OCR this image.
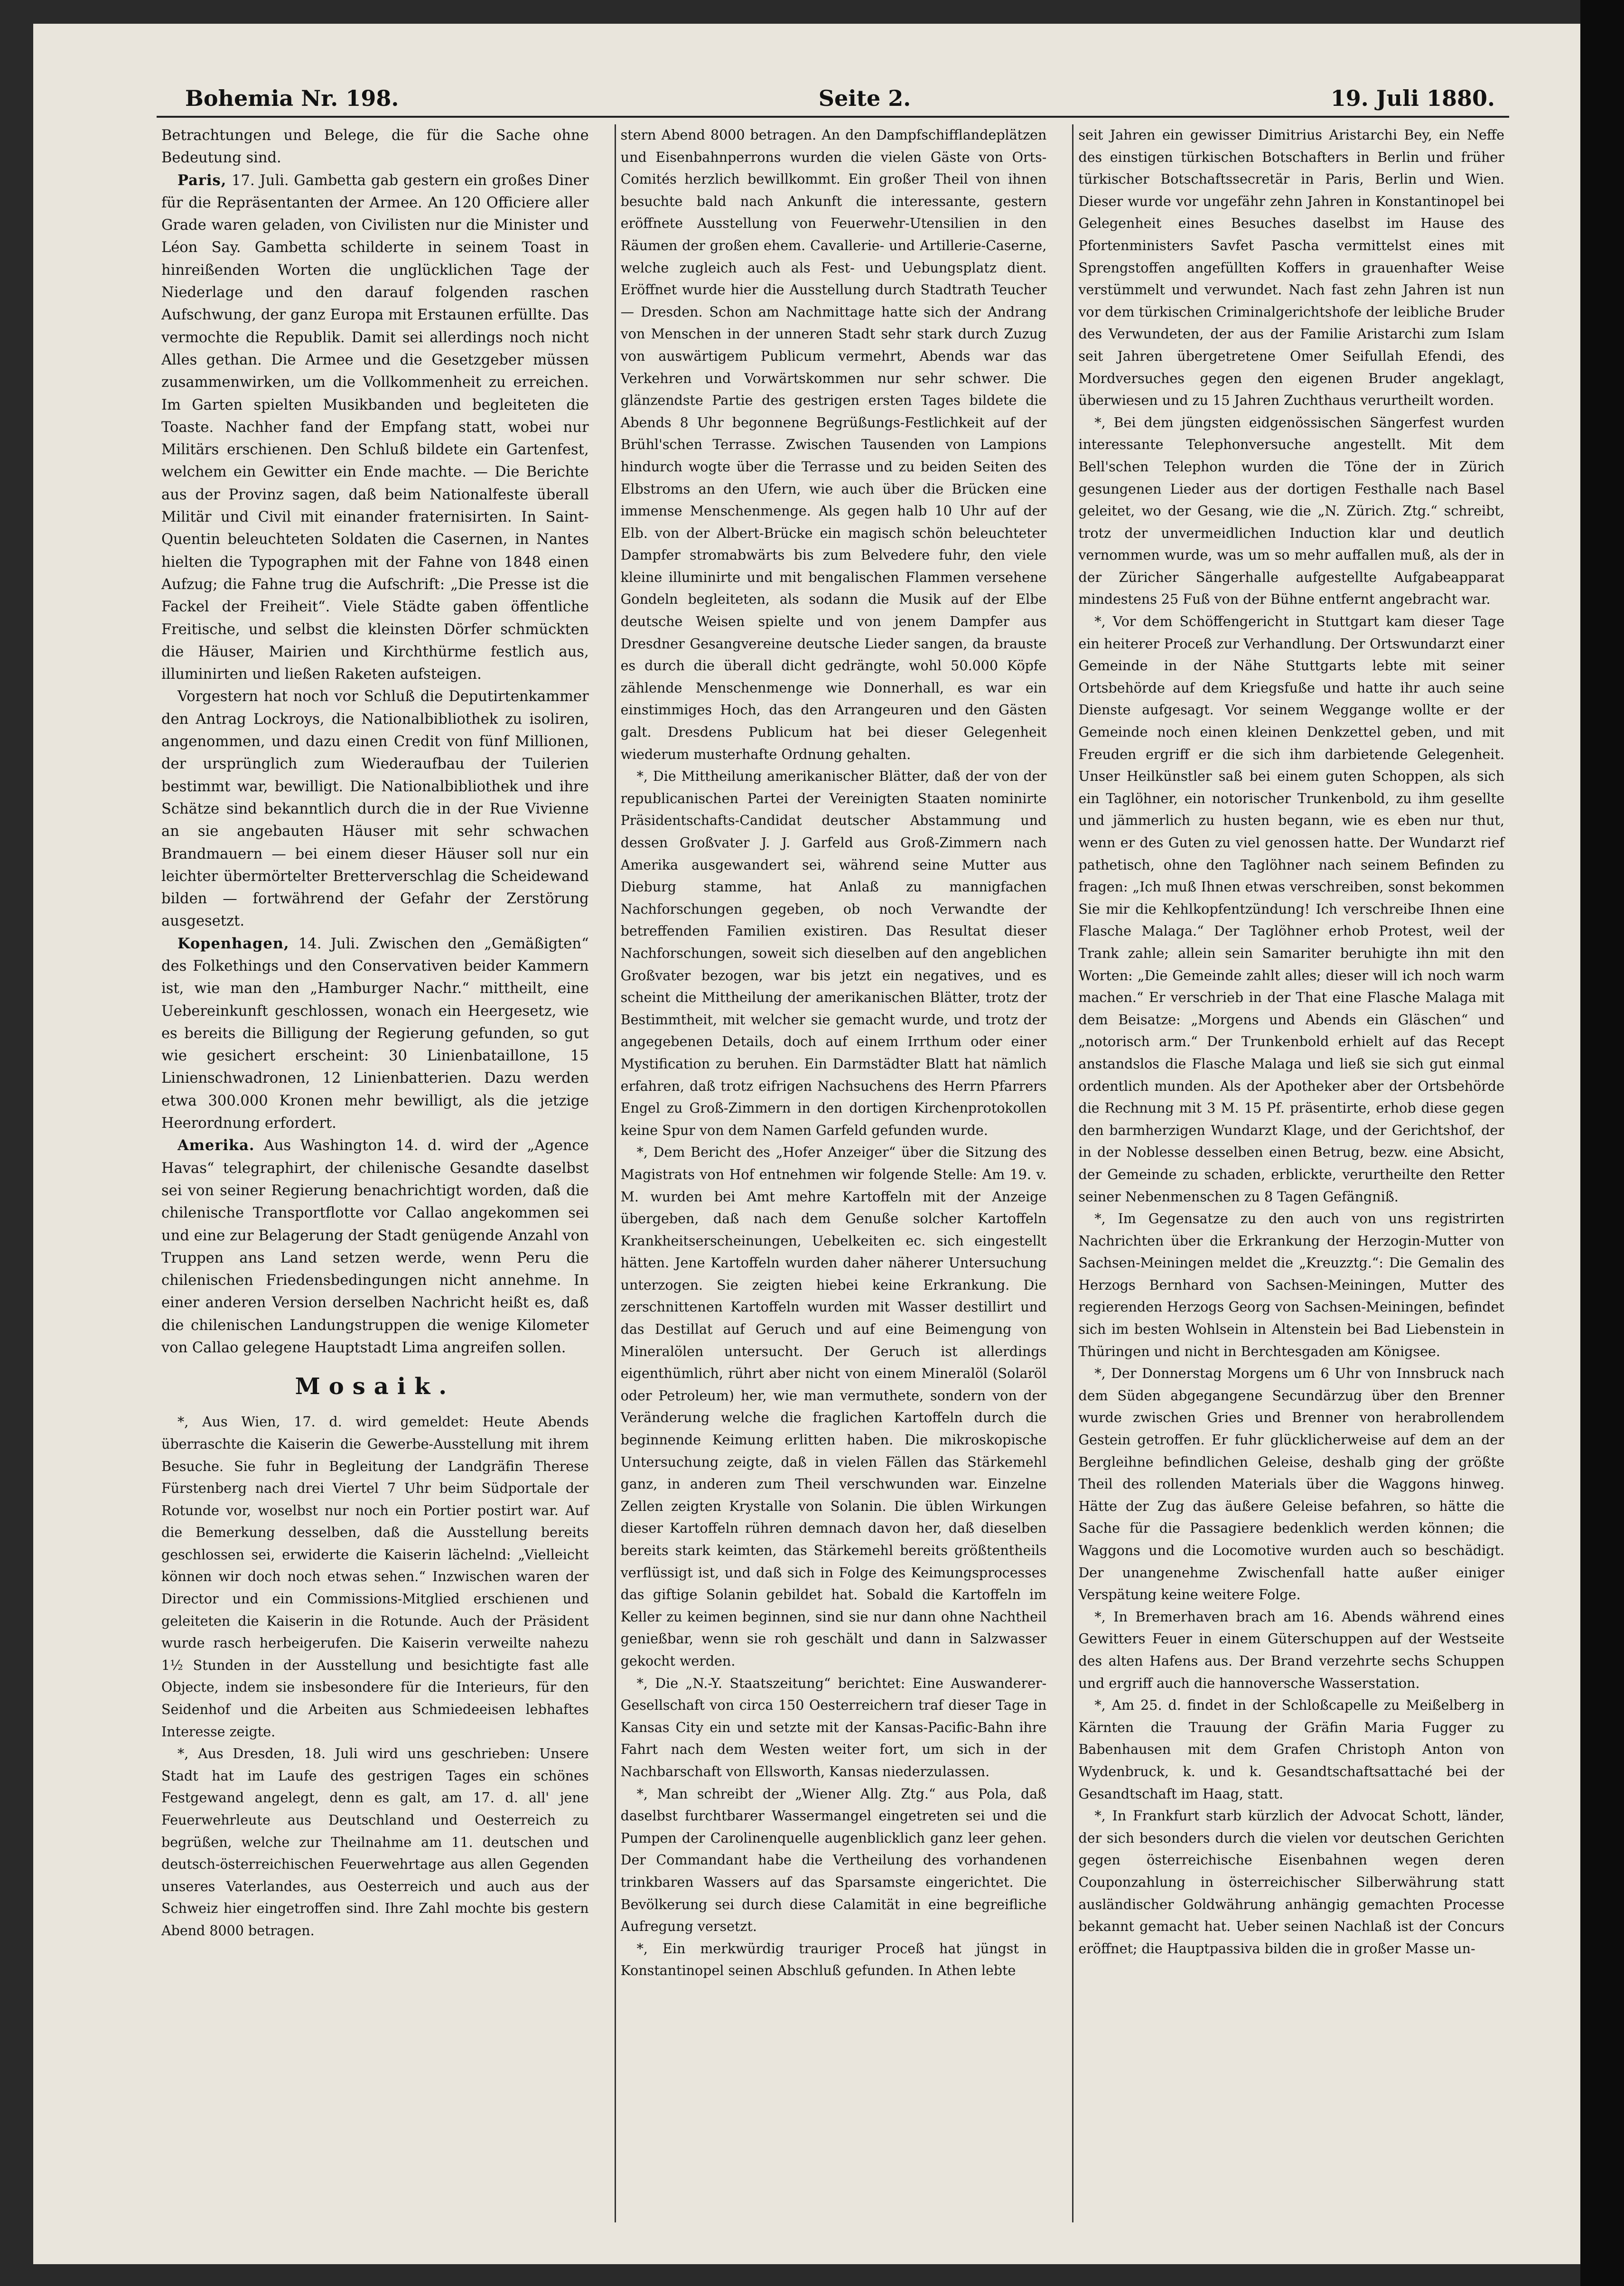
Bohemia Nr. 198.	Seite 2.	19. Juli 1880.

Betrachtungen und Belege, die für die Sache ohne Bedeutung sind.

Paris, 17. Juli. Gambetta gab gestern ein großes Diner für die Repräsentanten der Armee. An 120 Officiere aller Grade waren geladen, von Civilisten nur die Minister und Léon Say. Gambetta schilderte in seinem Toast in hinreißenden Worten die unglücklichen Tage der Niederlage und den darauf folgenden raschen Aufschwung, der ganz Europa mit Erstaunen erfüllte. Das vermochte die Republik. Damit sei allerdings noch nicht Alles gethan. Die Armee und die Gesetzgeber müssen zusammenwirken, um die Vollkommenheit zu erreichen. Im Garten spielten Musikbanden und begleiteten die Toaste. Nachher fand der Empfang statt, wobei nur Militärs erschienen. Den Schluß bildete ein Gartenfest, welchem ein Gewitter ein Ende machte. — Die Berichte aus der Provinz sagen, daß beim Nationalfeste überall Militär und Civil mit einander fraternisirten. In Saint-Quentin beleuchteten Soldaten die Casernen, in Nantes hielten die Typographen mit der Fahne von 1848 einen Aufzug; die Fahne trug die Aufschrift: „Die Presse ist die Fackel der Freiheit“. Viele Städte gaben öffentliche Freitische, und selbst die kleinsten Dörfer schmückten die Häuser, Mairien und Kirchthürme festlich aus, illuminirten und ließen Raketen aufsteigen.

Vorgestern hat noch vor Schluß die Deputirtenkammer den Antrag Lockroys, die Nationalbibliothek zu isoliren, angenommen, und dazu einen Credit von fünf Millionen, der ursprünglich zum Wiederaufbau der Tuilerien bestimmt war, bewilligt. Die Nationalbibliothek und ihre Schätze sind bekanntlich durch die in der Rue Vivienne an sie angebauten Häuser mit sehr schwachen Brandmauern — bei einem dieser Häuser soll nur ein leichter übermörtelter Bretterverschlag die Scheidewand bilden — fortwährend der Gefahr der Zerstörung ausgesetzt.

Kopenhagen, 14. Juli. Zwischen den „Gemäßigten“ des Folkethings und den Conservativen beider Kammern ist, wie man den „Hamburger Nachr.“ mittheilt, eine Uebereinkunft geschlossen, wonach ein Heergesetz, wie es bereits die Billigung der Regierung gefunden, so gut wie gesichert erscheint: 30 Linienbataillone, 15 Linienschwadronen, 12 Linienbatterien. Dazu werden etwa 300.000 Kronen mehr bewilligt, als die jetzige Heerordnung erfordert.

Amerika. Aus Washington 14. d. wird der „Agence Havas“ telegraphirt, der chilenische Gesandte daselbst sei von seiner Regierung benachrichtigt worden, daß die chilenische Transportflotte vor Callao angekommen sei und eine zur Belagerung der Stadt genügende Anzahl von Truppen ans Land setzen werde, wenn Peru die chilenischen Friedensbedingungen nicht annehme. In einer anderen Version derselben Nachricht heißt es, daß die chilenischen Landungstruppen die wenige Kilometer von Callao gelegene Hauptstadt Lima angreifen sollen.

Mosaik.

*, Aus Wien, 17. d. wird gemeldet: Heute Abends überraschte die Kaiserin die Gewerbe-Ausstellung mit ihrem Besuche. Sie fuhr in Begleitung der Landgräfin Therese Fürstenberg nach drei Viertel 7 Uhr beim Südportale der Rotunde vor, woselbst nur noch ein Portier postirt war. Auf die Bemerkung desselben, daß die Ausstellung bereits geschlossen sei, erwiderte die Kaiserin lächelnd: „Vielleicht können wir doch noch etwas sehen.“ Inzwischen waren der Director und ein Commissions-Mitglied erschienen und geleiteten die Kaiserin in die Rotunde. Auch der Präsident wurde rasch herbeigerufen. Die Kaiserin verweilte nahezu 1½ Stunden in der Ausstellung und besichtigte fast alle Objecte, indem sie insbesondere für die Interieurs, für den Seidenhof und die Arbeiten aus Schmiedeeisen lebhaftes Interesse zeigte.

*, Aus Dresden, 18. Juli wird uns geschrieben: Unsere Stadt hat im Laufe des gestrigen Tages ein schönes Festgewand angelegt, denn es galt, am 17. d. all' jene Feuerwehrleute aus Deutschland und Oesterreich zu begrüßen, welche zur Theilnahme am 11. deutschen und deutsch-österreichischen Feuerwehrtage aus allen Gegenden unseres Vaterlandes, aus Oesterreich und auch aus der Schweiz hier eingetroffen sind. Ihre Zahl mochte bis gestern Abend 8000 betragen.

stern Abend 8000 betragen. An den Dampfschifflandeplätzen und Eisenbahnperrons wurden die vielen Gäste von Orts-Comités herzlich bewillkommt. Ein großer Theil von ihnen besuchte bald nach Ankunft die interessante, gestern eröffnete Ausstellung von Feuerwehr-Utensilien in den Räumen der großen ehem. Cavallerie- und Artillerie-Caserne, welche zugleich auch als Fest- und Uebungsplatz dient. Eröffnet wurde hier die Ausstellung durch Stadtrath Teucher — Dresden. Schon am Nachmittage hatte sich der Andrang von Menschen in der unneren Stadt sehr stark durch Zuzug von auswärtigem Publicum vermehrt, Abends war das Verkehren und Vorwärtskommen nur sehr schwer. Die glänzendste Partie des gestrigen ersten Tages bildete die Abends 8 Uhr begonnene Begrüßungs-Festlichkeit auf der Brühl'schen Terrasse. Zwischen Tausenden von Lampions hindurch wogte über die Terrasse und zu beiden Seiten des Elbstroms an den Ufern, wie auch über die Brücken eine immense Menschenmenge. Als gegen halb 10 Uhr auf der Elb. von der Albert-Brücke ein magisch schön beleuchteter Dampfer stromabwärts bis zum Belvedere fuhr, den viele kleine illuminirte und mit bengalischen Flammen versehene Gondeln begleiteten, als sodann die Musik auf der Elbe deutsche Weisen spielte und von jenem Dampfer aus Dresdner Gesangvereine deutsche Lieder sangen, da brauste es durch die überall dicht gedrängte, wohl 50.000 Köpfe zählende Menschenmenge wie Donnerhall, es war ein einstimmiges Hoch, das den Arrangeuren und den Gästen galt. Dresdens Publicum hat bei dieser Gelegenheit wiederum musterhafte Ordnung gehalten.

*, Die Mittheilung amerikanischer Blätter, daß der von der republicanischen Partei der Vereinigten Staaten nominirte Präsidentschafts-Candidat deutscher Abstammung und dessen Großvater J. J. Garfeld aus Groß-Zimmern nach Amerika ausgewandert sei, während seine Mutter aus Dieburg stamme, hat Anlaß zu mannigfachen Nachforschungen gegeben, ob noch Verwandte der betreffenden Familien existiren. Das Resultat dieser Nachforschungen, soweit sich dieselben auf den angeblichen Großvater bezogen, war bis jetzt ein negatives, und es scheint die Mittheilung der amerikanischen Blätter, trotz der Bestimmtheit, mit welcher sie gemacht wurde, und trotz der angegebenen Details, doch auf einem Irrthum oder einer Mystification zu beruhen. Ein Darmstädter Blatt hat nämlich erfahren, daß trotz eifrigen Nachsuchens des Herrn Pfarrers Engel zu Groß-Zimmern in den dortigen Kirchenprotokollen keine Spur von dem Namen Garfeld gefunden wurde.

*, Dem Bericht des „Hofer Anzeiger“ über die Sitzung des Magistrats von Hof entnehmen wir folgende Stelle: Am 19. v. M. wurden bei Amt mehre Kartoffeln mit der Anzeige übergeben, daß nach dem Genuße solcher Kartoffeln Krankheitserscheinungen, Uebelkeiten ec. sich eingestellt hätten. Jene Kartoffeln wurden daher näherer Untersuchung unterzogen. Sie zeigten hiebei keine Erkrankung. Die zerschnittenen Kartoffeln wurden mit Wasser destillirt und das Destillat auf Geruch und auf eine Beimengung von Mineralölen untersucht. Der Geruch ist allerdings eigenthümlich, rührt aber nicht von einem Mineralöl (Solaröl oder Petroleum) her, wie man vermuthete, sondern von der Veränderung welche die fraglichen Kartoffeln durch die beginnende Keimung erlitten haben. Die mikroskopische Untersuchung zeigte, daß in vielen Fällen das Stärkemehl ganz, in anderen zum Theil verschwunden war. Einzelne Zellen zeigten Krystalle von Solanin. Die üblen Wirkungen dieser Kartoffeln rühren demnach davon her, daß dieselben bereits stark keimten, das Stärkemehl bereits größtentheils verflüssigt ist, und daß sich in Folge des Keimungsprocesses das giftige Solanin gebildet hat. Sobald die Kartoffeln im Keller zu keimen beginnen, sind sie nur dann ohne Nachtheil genießbar, wenn sie roh geschält und dann in Salzwasser gekocht werden.

*, Die „N.-Y. Staatszeitung“ berichtet: Eine Auswanderer-Gesellschaft von circa 150 Oesterreichern traf dieser Tage in Kansas City ein und setzte mit der Kansas-Pacific-Bahn ihre Fahrt nach dem Westen weiter fort, um sich in der Nachbarschaft von Ellsworth, Kansas niederzulassen.

*, Man schreibt der „Wiener Allg. Ztg.“ aus Pola, daß daselbst furchtbarer Wassermangel eingetreten sei und die Pumpen der Carolinenquelle augenblicklich ganz leer gehen. Der Commandant habe die Vertheilung des vorhandenen trinkbaren Wassers auf das Sparsamste eingerichtet. Die Bevölkerung sei durch diese Calamität in eine begreifliche Aufregung versetzt.

*, Ein merkwürdig trauriger Proceß hat jüngst in Konstantinopel seinen Abschluß gefunden. In Athen lebte

seit Jahren ein gewisser Dimitrius Aristarchi Bey, ein Neffe des einstigen türkischen Botschafters in Berlin und früher türkischer Botschaftssecretär in Paris, Berlin und Wien. Dieser wurde vor ungefähr zehn Jahren in Konstantinopel bei Gelegenheit eines Besuches daselbst im Hause des Pfortenministers Savfet Pascha vermittelst eines mit Sprengstoffen angefüllten Koffers in grauenhafter Weise verstümmelt und verwundet. Nach fast zehn Jahren ist nun vor dem türkischen Criminalgerichtshofe der leibliche Bruder des Verwundeten, der aus der Familie Aristarchi zum Islam seit Jahren übergetretene Omer Seifullah Efendi, des Mordversuches gegen den eigenen Bruder angeklagt, überwiesen und zu 15 Jahren Zuchthaus verurtheilt worden.

*, Bei dem jüngsten eidgenössischen Sängerfest wurden interessante Telephonversuche angestellt. Mit dem Bell'schen Telephon wurden die Töne der in Zürich gesungenen Lieder aus der dortigen Festhalle nach Basel geleitet, wo der Gesang, wie die „N. Zürich. Ztg.“ schreibt, trotz der unvermeidlichen Induction klar und deutlich vernommen wurde, was um so mehr auffallen muß, als der in der Züricher Sängerhalle aufgestellte Aufgabeapparat mindestens 25 Fuß von der Bühne entfernt angebracht war.

*, Vor dem Schöffengericht in Stuttgart kam dieser Tage ein heiterer Proceß zur Verhandlung. Der Ortswundarzt einer Gemeinde in der Nähe Stuttgarts lebte mit seiner Ortsbehörde auf dem Kriegsfuße und hatte ihr auch seine Dienste aufgesagt. Vor seinem Weggange wollte er der Gemeinde noch einen kleinen Denkzettel geben, und mit Freuden ergriff er die sich ihm darbietende Gelegenheit. Unser Heilkünstler saß bei einem guten Schoppen, als sich ein Taglöhner, ein notorischer Trunkenbold, zu ihm gesellte und jämmerlich zu husten begann, wie es eben nur thut, wenn er des Guten zu viel genossen hatte. Der Wundarzt rief pathetisch, ohne den Taglöhner nach seinem Befinden zu fragen: „Ich muß Ihnen etwas verschreiben, sonst bekommen Sie mir die Kehlkopfentzündung! Ich verschreibe Ihnen eine Flasche Malaga.“ Der Taglöhner erhob Protest, weil der Trank zahle; allein sein Samariter beruhigte ihn mit den Worten: „Die Gemeinde zahlt alles; dieser will ich noch warm machen.“ Er verschrieb in der That eine Flasche Malaga mit dem Beisatze: „Morgens und Abends ein Gläschen“ und „notorisch arm.“ Der Trunkenbold erhielt auf das Recept anstandslos die Flasche Malaga und ließ sie sich gut einmal ordentlich munden. Als der Apotheker aber der Ortsbehörde die Rechnung mit 3 M. 15 Pf. präsentirte, erhob diese gegen den barmherzigen Wundarzt Klage, und der Gerichtshof, der in der Noblesse desselben einen Betrug, bezw. eine Absicht, der Gemeinde zu schaden, erblickte, verurtheilte den Retter seiner Nebenmenschen zu 8 Tagen Gefängniß.

*, Im Gegensatze zu den auch von uns registrirten Nachrichten über die Erkrankung der Herzogin-Mutter von Sachsen-Meiningen meldet die „Kreuzztg.“: Die Gemalin des Herzogs Bernhard von Sachsen-Meiningen, Mutter des regierenden Herzogs Georg von Sachsen-Meiningen, befindet sich im besten Wohlsein in Altenstein bei Bad Liebenstein in Thüringen und nicht in Berchtesgaden am Königsee.

*, Der Donnerstag Morgens um 6 Uhr von Innsbruck nach dem Süden abgegangene Secundärzug über den Brenner wurde zwischen Gries und Brenner von herabrollendem Gestein getroffen. Er fuhr glücklicherweise auf dem an der Bergleihne befindlichen Geleise, deshalb ging der größte Theil des rollenden Materials über die Waggons hinweg. Hätte der Zug das äußere Geleise befahren, so hätte die Sache für die Passagiere bedenklich werden können; die Waggons und die Locomotive wurden auch so beschädigt. Der unangenehme Zwischenfall hatte außer einiger Verspätung keine weitere Folge.

*, In Bremerhaven brach am 16. Abends während eines Gewitters Feuer in einem Güterschuppen auf der Westseite des alten Hafens aus. Der Brand verzehrte sechs Schuppen und ergriff auch die hannoversche Wasserstation.

*, Am 25. d. findet in der Schloßcapelle zu Meißelberg in Kärnten die Trauung der Gräfin Maria Fugger zu Babenhausen mit dem Grafen Christoph Anton von Wydenbruck, k. und k. Gesandtschaftsattaché bei der Gesandtschaft im Haag, statt.

*, In Frankfurt starb kürzlich der Advocat Schott, länder, der sich besonders durch die vielen vor deutschen Gerichten gegen österreichische Eisenbahnen wegen deren Couponzahlung in österreichischer Silberwährung statt ausländischer Goldwährung anhängig gemachten Processe bekannt gemacht hat. Ueber seinen Nachlaß ist der Concurs eröffnet; die Hauptpassiva bilden die in großer Masse un-
